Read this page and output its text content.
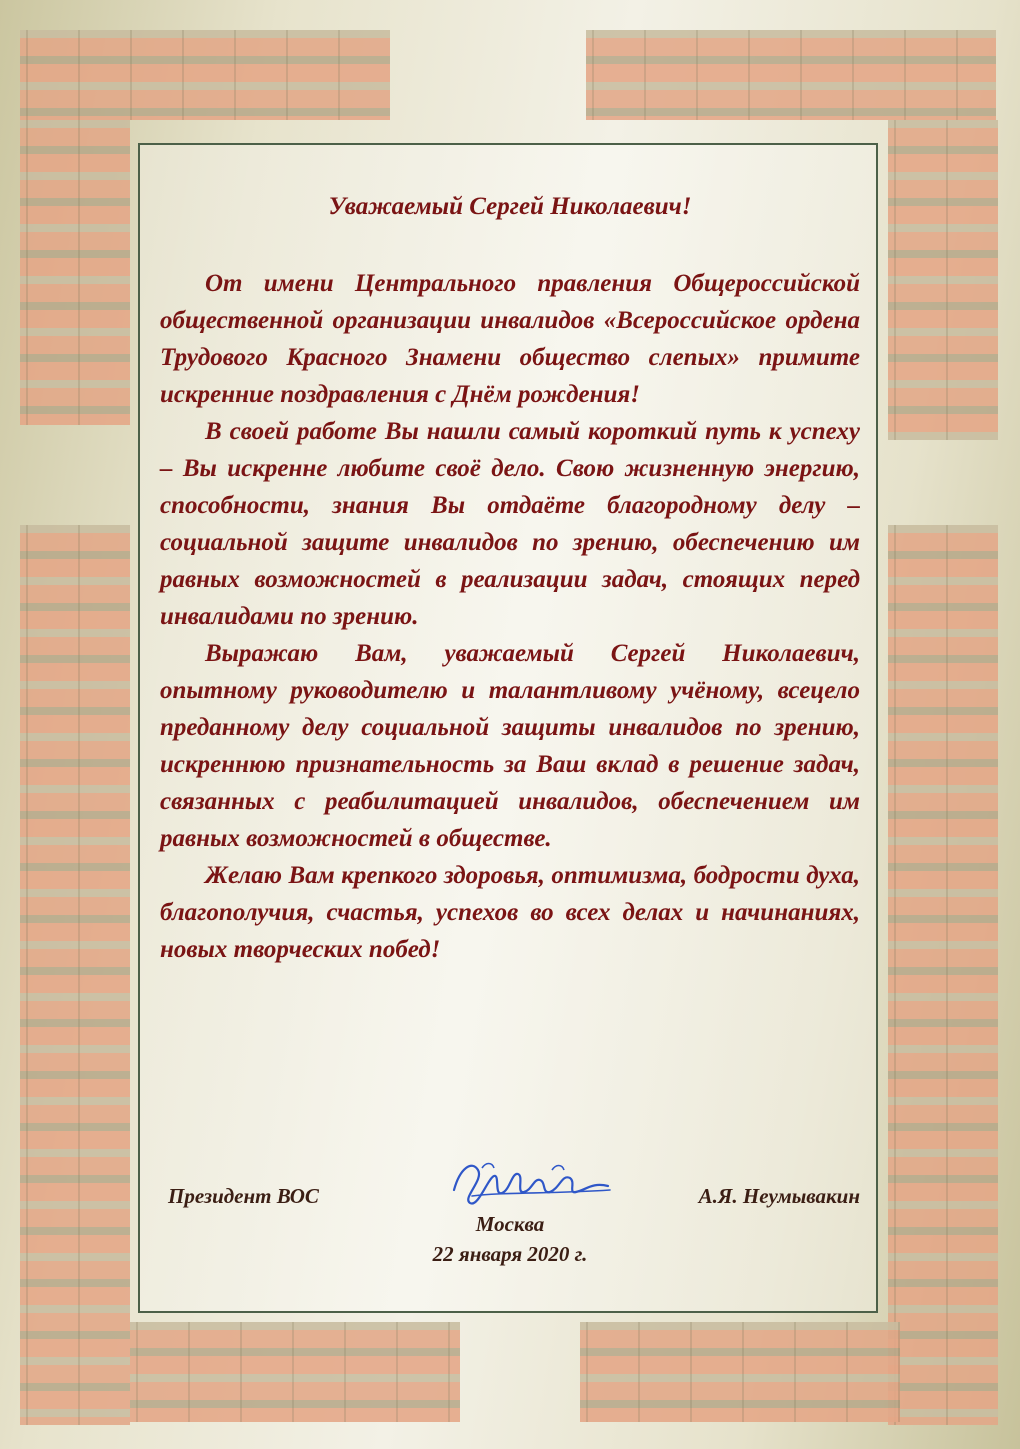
Уважаемый Сергей Николаевич!

От имени Центрального правления Общероссийской общественной организации инвалидов «Всероссийское ордена Трудового Красного Знамени общество слепых» примите искренние поздравления с Днём рождения!

В своей работе Вы нашли самый короткий путь к успеху – Вы искренне любите своё дело. Свою жизненную энергию, способности, знания Вы отдаёте благородному делу – социальной защите инвалидов по зрению, обеспечению им равных возможностей в реализации задач, стоящих перед инвалидами по зрению.

Выражаю Вам, уважаемый Сергей Николаевич, опытному руководителю и талантливому учёному, всецело преданному делу социальной защиты инвалидов по зрению, искреннюю признательность за Ваш вклад в решение задач, связанных с реабилитацией инвалидов, обеспечением им равных возможностей в обществе.

Желаю Вам крепкого здоровья, оптимизма, бодрости духа, благополучия, счастья, успехов во всех делах и начинаниях, новых творческих побед!

Президент ВОС	А.Я. Неумывакин
Москва
22 января 2020 г.
